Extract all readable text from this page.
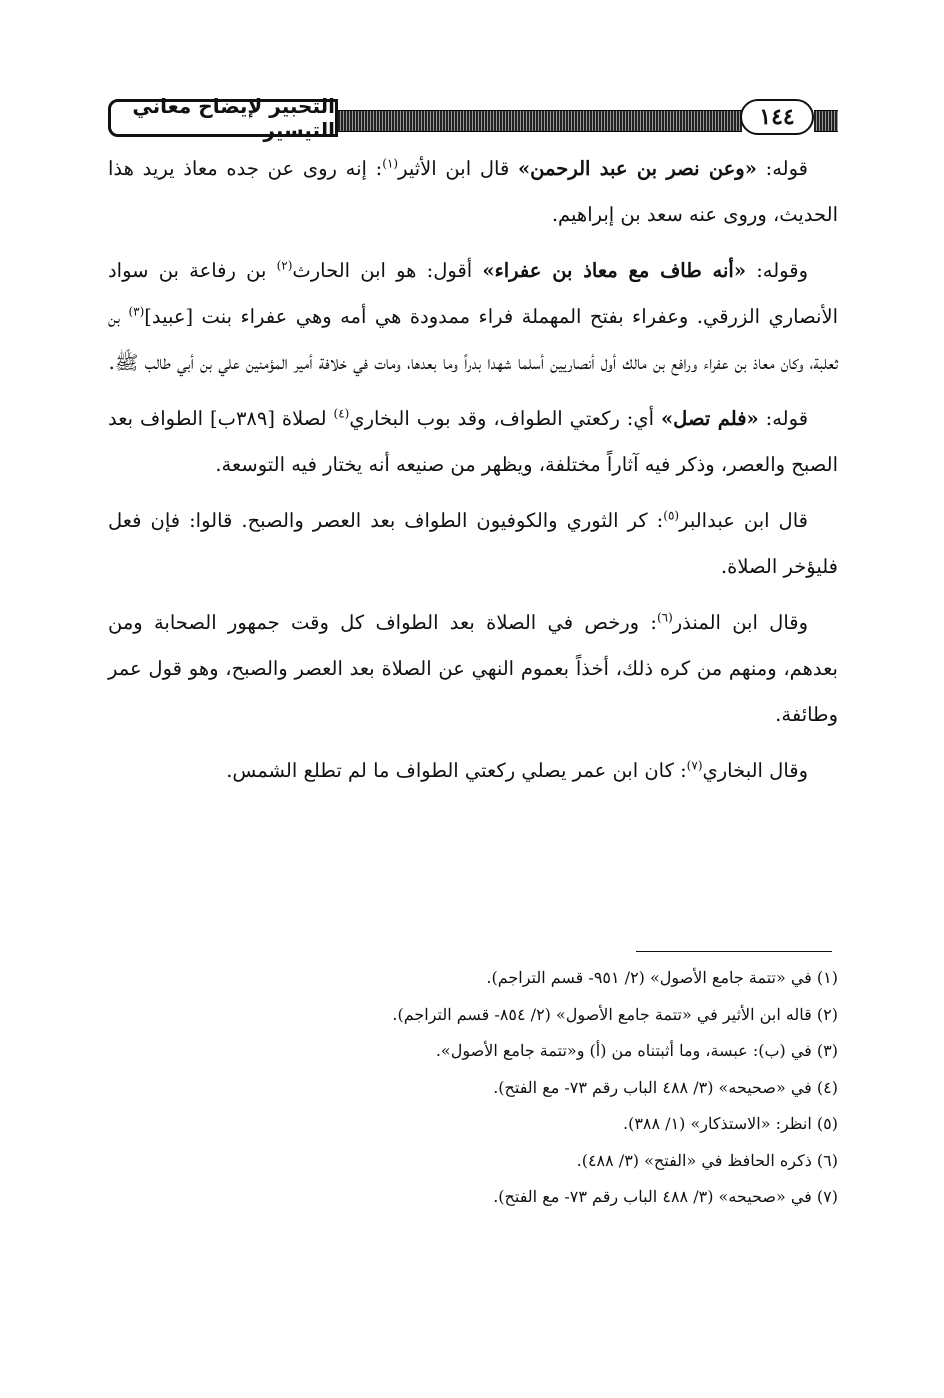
التحبير لإيضاح معاني التيسير	١٤٤

قوله: «وعن نصر بن عبد الرحمن» قال ابن الأثير$^{(١)}$: إنه روى عن جده معاذ يريد هذا الحديث، وروى عنه سعد بن إبراهيم.

وقوله: «أنه طاف مع معاذ بن عفراء» أقول: هو ابن الحارث$^{(٢)}$ بن رفاعة بن سواد الأنصاري الزرقي. وعفراء بفتح المهملة فراء ممدودة هي أمه وهي عفراء بنت [عبيد]$^{(٣)}$ بن ثعلبة، وكان معاذ بن عفراء ورافع بن مالك أول أنصاريين أسلما شهدا بدراً وما بعدها، ومات في خلافة أمير المؤمنين علي بن أبي طالب ﷺ.

قوله: «فلم تصل» أي: ركعتي الطواف، وقد بوب البخاري$^{(٤)}$ لصلاة [٣٨٩ب] الطواف بعد الصبح والعصر، وذكر فيه آثاراً مختلفة، ويظهر من صنيعه أنه يختار فيه التوسعة.

قال ابن عبدالبر$^{(٥)}$: كر الثوري والكوفيون الطواف بعد العصر والصبح. قالوا: فإن فعل فليؤخر الصلاة.

وقال ابن المنذر$^{(٦)}$: ورخص في الصلاة بعد الطواف كل وقت جمهور الصحابة ومن بعدهم، ومنهم من كره ذلك، أخذاً بعموم النهي عن الصلاة بعد العصر والصبح، وهو قول عمر وطائفة.

وقال البخاري$^{(٧)}$: كان ابن عمر يصلي ركعتي الطواف ما لم تطلع الشمس.

(١) في «تتمة جامع الأصول» (٢/ ٩٥١- قسم التراجم).
(٢) قاله ابن الأثير في «تتمة جامع الأصول» (٢/ ٨٥٤- قسم التراجم).
(٣) في (ب): عبسة، وما أثبتناه من (أ) و«تتمة جامع الأصول».
(٤) في «صحيحه» (٣/ ٤٨٨ الباب رقم ٧٣- مع الفتح).
(٥) انظر: «الاستذكار» (١/ ٣٨٨).
(٦) ذكره الحافظ في «الفتح» (٣/ ٤٨٨).
(٧) في «صحيحه» (٣/ ٤٨٨ الباب رقم ٧٣- مع الفتح).
